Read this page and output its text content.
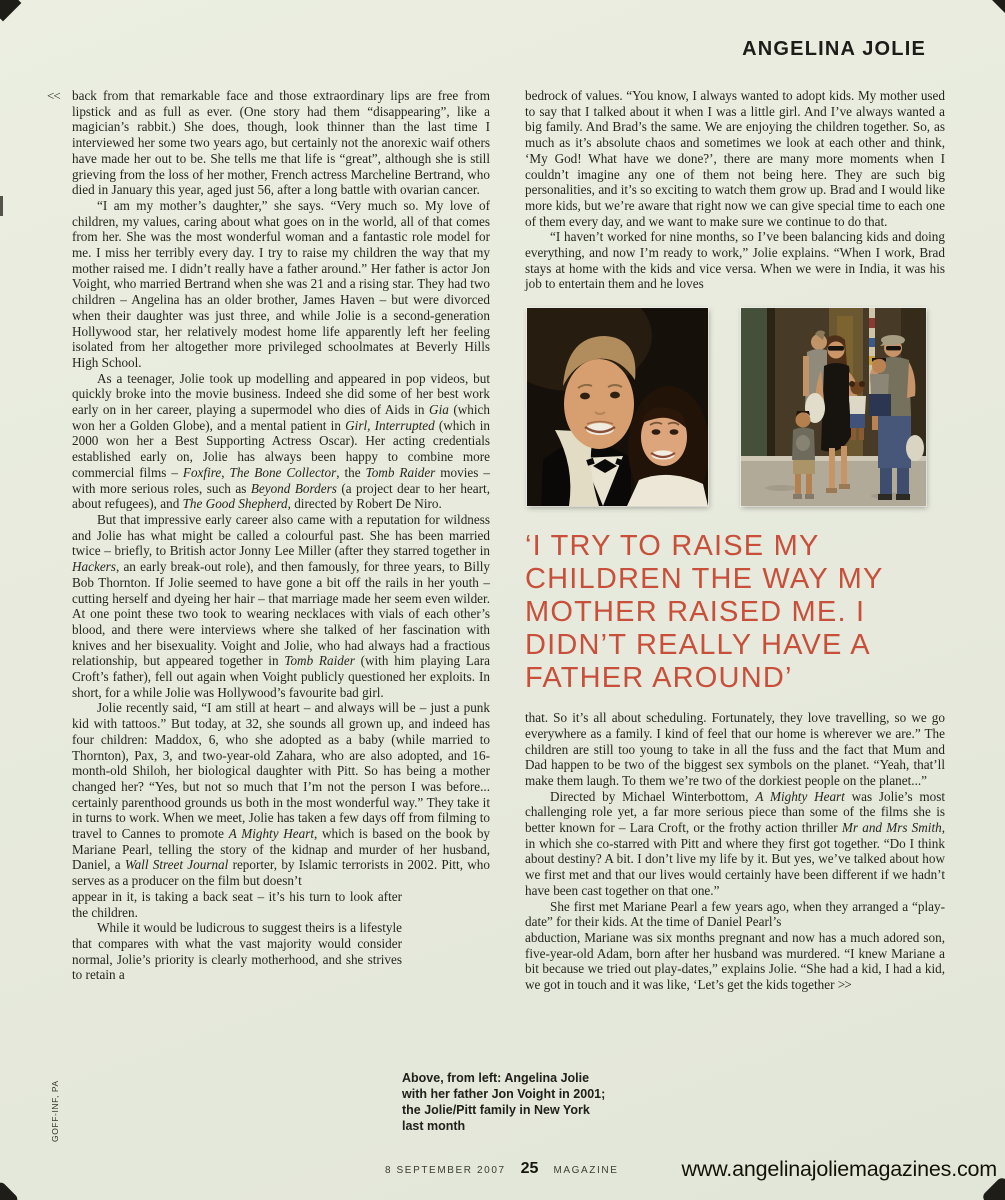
ANGELINA JOLIE

<< back from that remarkable face and those extraordinary lips are free from lipstick and as full as ever. (One story had them “disappearing”, like a magician’s rabbit.) She does, though, look thinner than the last time I interviewed her some two years ago, but certainly not the anorexic waif others have made her out to be. She tells me that life is “great”, although she is still grieving from the loss of her mother, French actress Marcheline Bertrand, who died in January this year, aged just 56, after a long battle with ovarian cancer.

“I am my mother’s daughter,” she says. “Very much so. My love of children, my values, caring about what goes on in the world, all of that comes from her. She was the most wonderful woman and a fantastic role model for me. I miss her terribly every day. I try to raise my children the way that my mother raised me. I didn’t really have a father around.” Her father is actor Jon Voight, who married Bertrand when she was 21 and a rising star. They had two children – Angelina has an older brother, James Haven – but were divorced when their daughter was just three, and while Jolie is a second-generation Hollywood star, her relatively modest home life apparently left her feeling isolated from her altogether more privileged schoolmates at Beverly Hills High School.

As a teenager, Jolie took up modelling and appeared in pop videos, but quickly broke into the movie business. Indeed she did some of her best work early on in her career, playing a supermodel who dies of Aids in Gia (which won her a Golden Globe), and a mental patient in Girl, Interrupted (which in 2000 won her a Best Supporting Actress Oscar). Her acting credentials established early on, Jolie has always been happy to combine more commercial films – Foxfire, The Bone Collector, the Tomb Raider movies – with more serious roles, such as Beyond Borders (a project dear to her heart, about refugees), and The Good Shepherd, directed by Robert De Niro.

But that impressive early career also came with a reputation for wildness and Jolie has what might be called a colourful past. She has been married twice – briefly, to British actor Jonny Lee Miller (after they starred together in Hackers, an early break-out role), and then famously, for three years, to Billy Bob Thornton. If Jolie seemed to have gone a bit off the rails in her youth – cutting herself and dyeing her hair – that marriage made her seem even wilder. At one point these two took to wearing necklaces with vials of each other’s blood, and there were interviews where she talked of her fascination with knives and her bisexuality. Voight and Jolie, who had always had a fractious relationship, but appeared together in Tomb Raider (with him playing Lara Croft’s father), fell out again when Voight publicly questioned her exploits. In short, for a while Jolie was Hollywood’s favourite bad girl.

Jolie recently said, “I am still at heart – and always will be – just a punk kid with tattoos.” But today, at 32, she sounds all grown up, and indeed has four children: Maddox, 6, who she adopted as a baby (while married to Thornton), Pax, 3, and two-year-old Zahara, who are also adopted, and 16-month-old Shiloh, her biological daughter with Pitt. So has being a mother changed her? “Yes, but not so much that I’m not the person I was before... certainly parenthood grounds us both in the most wonderful way.” They take it in turns to work. When we meet, Jolie has taken a few days off from filming to travel to Cannes to promote A Mighty Heart, which is based on the book by Mariane Pearl, telling the story of the kidnap and murder of her husband, Daniel, a Wall Street Journal reporter, by Islamic terrorists in 2002. Pitt, who serves as a producer on the film but doesn’t

appear in it, is taking a back seat – it’s his turn to look after the children.

While it would be ludicrous to suggest theirs is a lifestyle that compares with what the vast majority would consider normal, Jolie’s priority is clearly motherhood, and she strives to retain a

bedrock of values. “You know, I always wanted to adopt kids. My mother used to say that I talked about it when I was a little girl. And I’ve always wanted a big family. And Brad’s the same. We are enjoying the children together. So, as much as it’s absolute chaos and sometimes we look at each other and think, ‘My God! What have we done?’, there are many more moments when I couldn’t imagine any one of them not being here. They are such big personalities, and it’s so exciting to watch them grow up. Brad and I would like more kids, but we’re aware that right now we can give special time to each one of them every day, and we want to make sure we continue to do that.

“I haven’t worked for nine months, so I’ve been balancing kids and doing everything, and now I’m ready to work,” Jolie explains. “When I work, Brad stays at home with the kids and vice versa. When we were in India, it was his job to entertain them and he loves

‘I TRY TO RAISE MY CHILDREN THE WAY MY MOTHER RAISED ME. I DIDN’T REALLY HAVE A FATHER AROUND’

that. So it’s all about scheduling. Fortunately, they love travelling, so we go everywhere as a family. I kind of feel that our home is wherever we are.” The children are still too young to take in all the fuss and the fact that Mum and Dad happen to be two of the biggest sex symbols on the planet. “Yeah, that’ll make them laugh. To them we’re two of the dorkiest people on the planet...”

Directed by Michael Winterbottom, A Mighty Heart was Jolie’s most challenging role yet, a far more serious piece than some of the films she is better known for – Lara Croft, or the frothy action thriller Mr and Mrs Smith, in which she co-starred with Pitt and where they first got together. “Do I think about destiny? A bit. I don’t live my life by it. But yes, we’ve talked about how we first met and that our lives would certainly have been different if we hadn’t have been cast together on that one.”

She first met Mariane Pearl a few years ago, when they arranged a “play-date” for their kids. At the time of Daniel Pearl’s

abduction, Mariane was six months pregnant and now has a much adored son, five-year-old Adam, born after her husband was murdered. “I knew Mariane a bit because we tried out play-dates,” explains Jolie. “She had a kid, I had a kid, we got in touch and it was like, ‘Let’s get the kids together >>

Above, from left: Angelina Jolie with her father Jon Voight in 2001; the Jolie/Pitt family in New York last month
GOFF-INF, PA
8 SEPTEMBER 2007 25 MAGAZINE	www.angelinajoliemagazines.com
